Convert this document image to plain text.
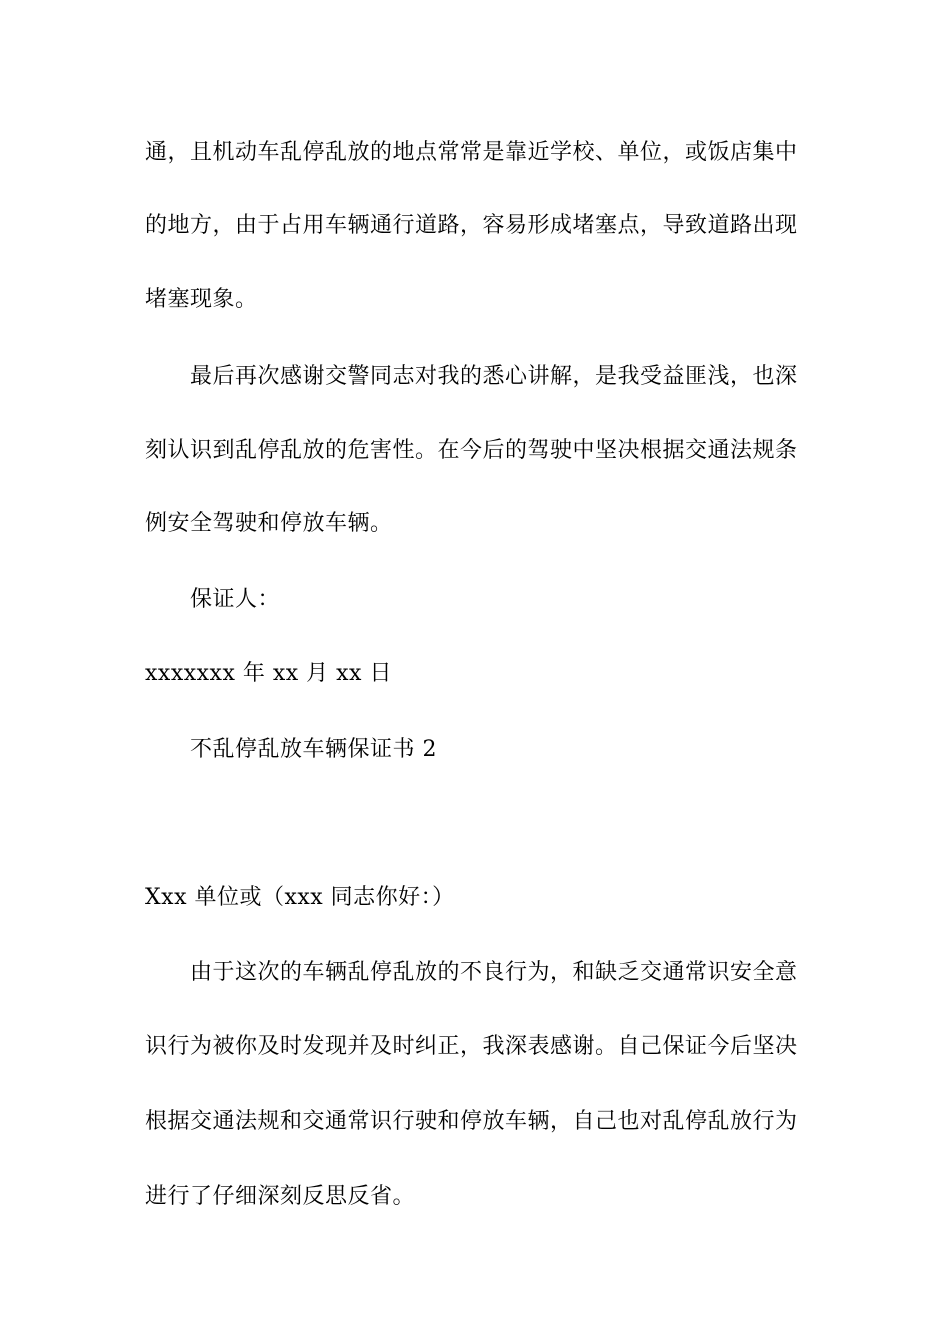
通，且机动车乱停乱放的地点常常是靠近学校、单位，或饭店集中
的地方，由于占用车辆通行道路，容易形成堵塞点，导致道路出现
堵塞现象。
最后再次感谢交警同志对我的悉心讲解，是我受益匪浅，也深
刻认识到乱停乱放的危害性。在今后的驾驶中坚决根据交通法规条
例安全驾驶和停放车辆。
保证人：
xxxxxxx 年 xx 月 xx 日
不乱停乱放车辆保证书 2
Xxx 单位或（xxx 同志你好：）
由于这次的车辆乱停乱放的不良行为，和缺乏交通常识安全意
识行为被你及时发现并及时纠正，我深表感谢。自己保证今后坚决
根据交通法规和交通常识行驶和停放车辆，自己也对乱停乱放行为
进行了仔细深刻反思反省。
